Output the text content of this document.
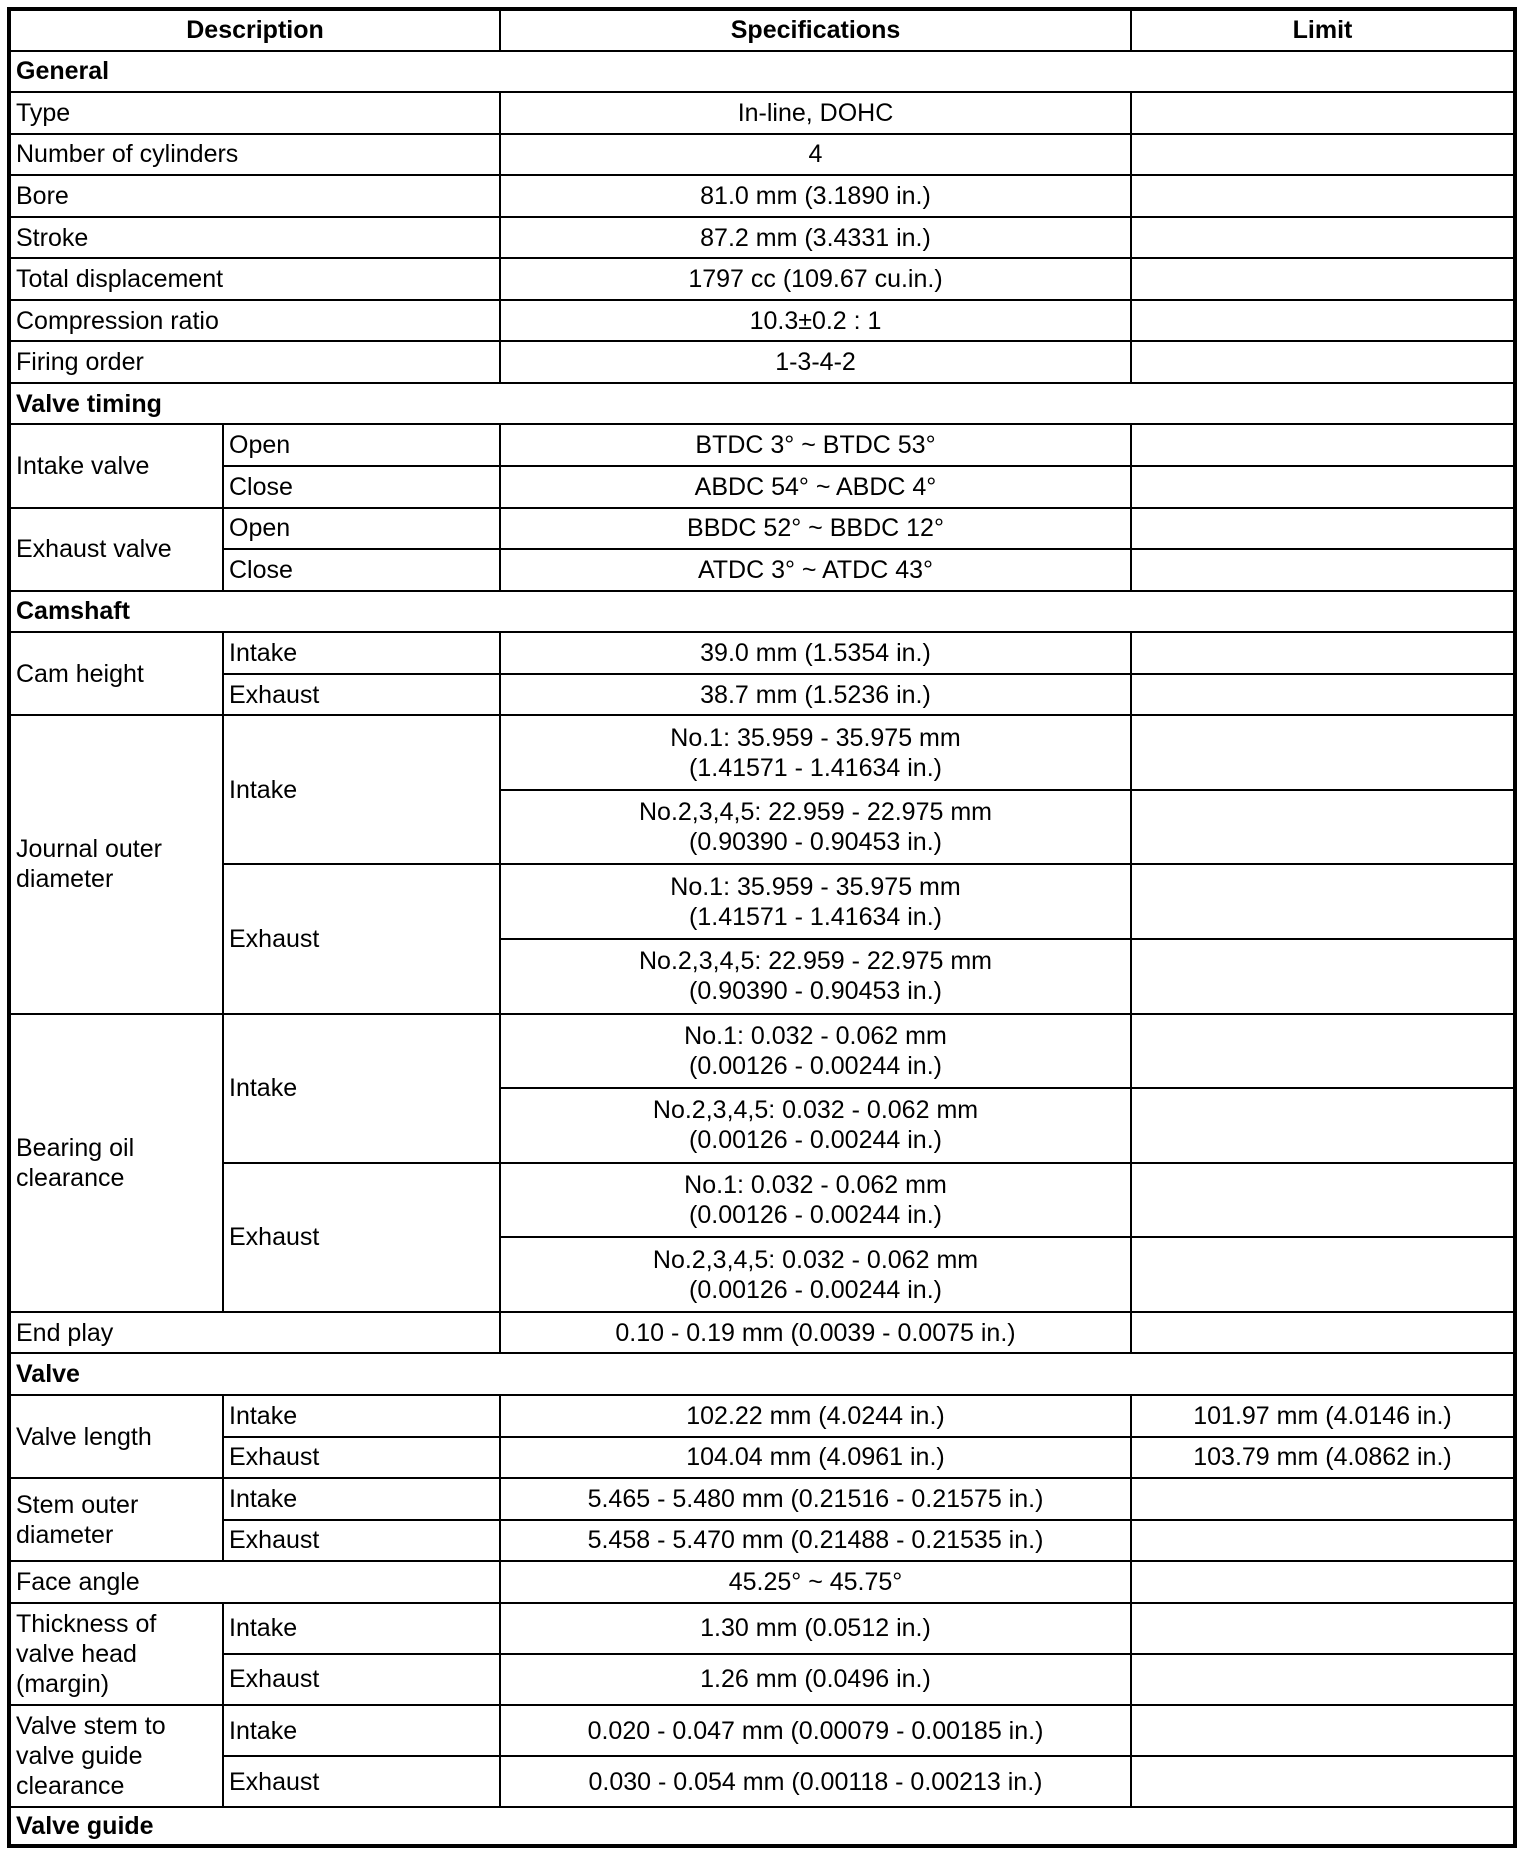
Description		Specifications	Limit
General			
Type		In-line, DOHC	
Number of cylinders		4	
Bore		81.0 mm (3.1890 in.)	
Stroke		87.2 mm (3.4331 in.)	
Total displacement		1797 cc (109.67 cu.in.)	
Compression ratio		10.3±0.2 : 1	
Firing order		1-3-4-2	
Valve timing			
Intake valve	Open	BTDC 3° ~ BTDC 53°	
	Close	ABDC 54° ~ ABDC 4°	
Exhaust valve	Open	BBDC 52° ~ BBDC 12°	
	Close	ATDC 3° ~ ATDC 43°	
Camshaft			
Cam height	Intake	39.0 mm (1.5354 in.)	
	Exhaust	38.7 mm (1.5236 in.)	

Journal outer
diameter	Intake	No.1: 35.959 - 35.975 mm
(1.41571 - 1.41634 in.)	

		No.2,3,4,5: 22.959 - 22.975 mm
(0.90390 - 0.90453 in.)	

	Exhaust	No.1: 35.959 - 35.975 mm
(1.41571 - 1.41634 in.)	

		No.2,3,4,5: 22.959 - 22.975 mm
(0.90390 - 0.90453 in.)	

Bearing oil
clearance	Intake	No.1: 0.032 - 0.062 mm
(0.00126 - 0.00244 in.)	

		No.2,3,4,5: 0.032 - 0.062 mm
(0.00126 - 0.00244 in.)	

	Exhaust	No.1: 0.032 - 0.062 mm
(0.00126 - 0.00244 in.)	

		No.2,3,4,5: 0.032 - 0.062 mm
(0.00126 - 0.00244 in.)	

End play		0.10 - 0.19 mm (0.0039 - 0.0075 in.)	
Valve			
Valve length	Intake	102.22 mm (4.0244 in.)	101.97 mm (4.0146 in.)
	Exhaust	104.04 mm (4.0961 in.)	103.79 mm (4.0862 in.)

Stem outer
diameter	Intake	5.465 - 5.480 mm (0.21516 - 0.21575 in.)	
	Exhaust	5.458 - 5.470 mm (0.21488 - 0.21535 in.)	
Face angle		45.25° ~ 45.75°	

Thickness of
valve head
(margin)	Intake	1.30 mm (0.0512 in.)	
	Exhaust	1.26 mm (0.0496 in.)	

Valve stem to
valve guide
clearance	Intake	0.020 - 0.047 mm (0.00079 - 0.00185 in.)	
	Exhaust	0.030 - 0.054 mm (0.00118 - 0.00213 in.)	
Valve guide			
